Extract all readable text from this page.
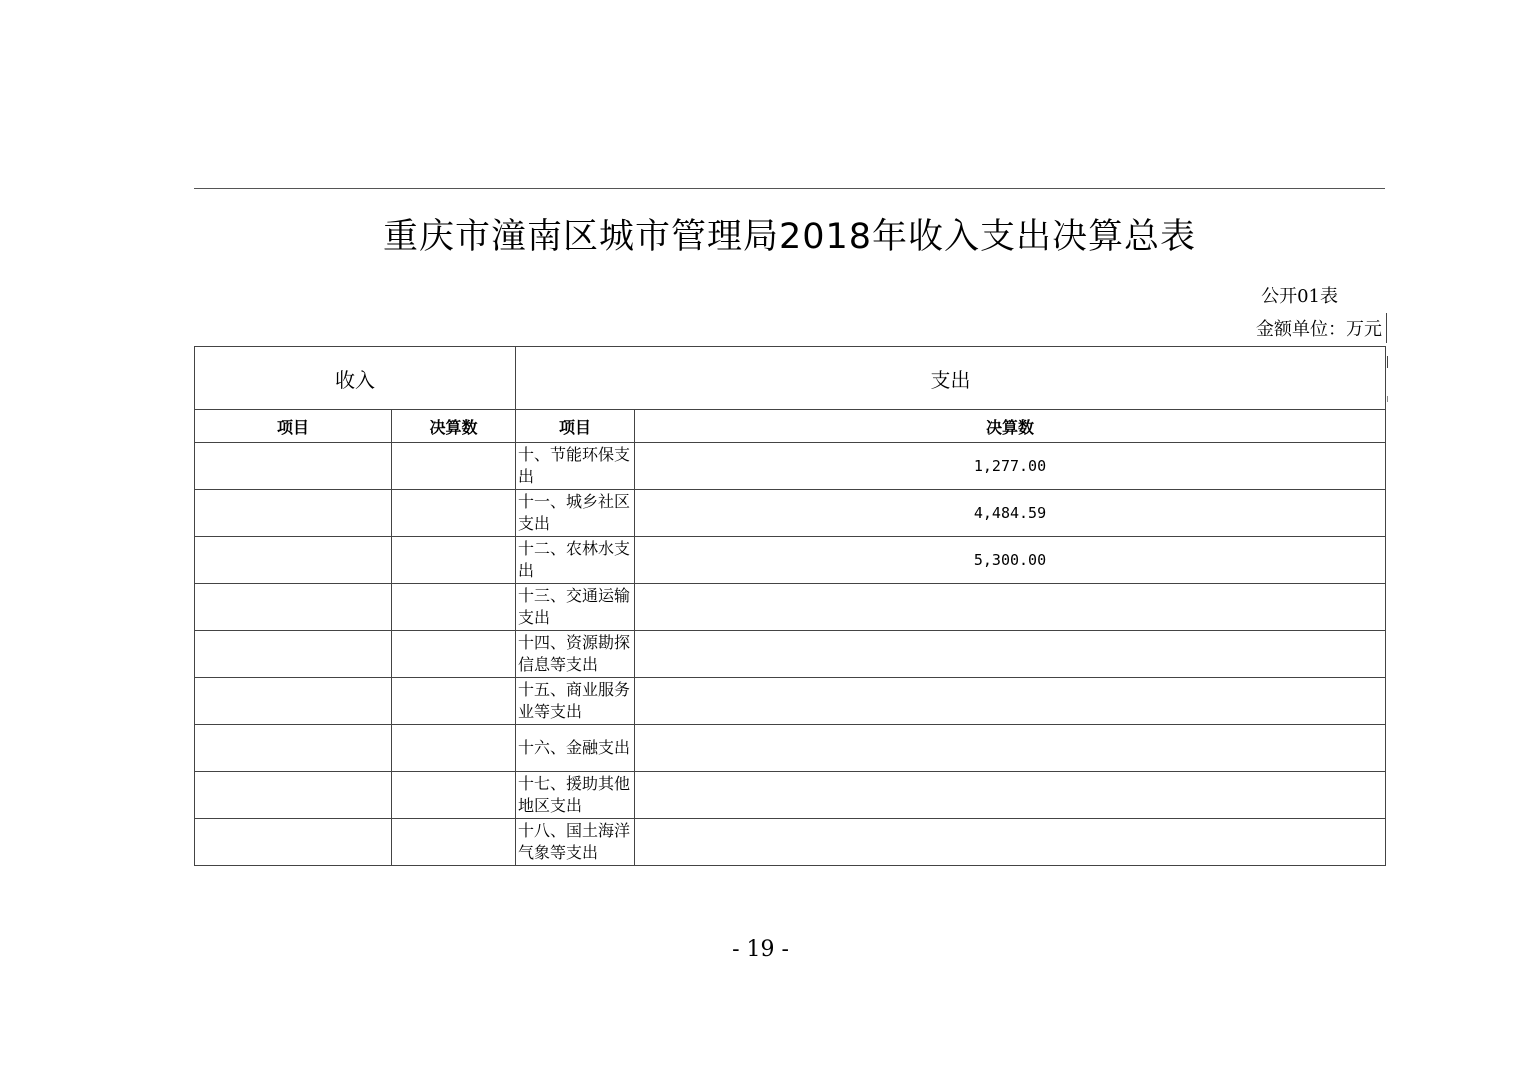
重庆市潼南区城市管理局2018年收入支出决算总表
公开01表
金额单位：万元
收入		支出	
项目	决算数	项目	决算数
		十、节能环保支出	1,277.00
		十一、城乡社区支出	4,484.59
		十二、农林水支出	5,300.00
		十三、交通运输支出	
		十四、资源勘探信息等支出	
		十五、商业服务业等支出	
		十六、金融支出	
		十七、援助其他地区支出	
		十八、国土海洋气象等支出	
- 19 -
